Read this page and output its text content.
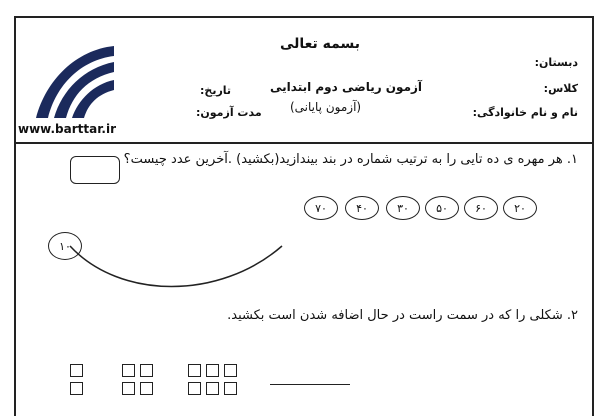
www.barttar.ir
بسمه تعالی
دبستان:
کلاس:
نام و نام خانوادگی:
تاریخ:
مدت آزمون:
آزمون ریاضی دوم ابتدایی
(آزمون پایانی)
۱. هر مهره ی ده تایی را به ترتیب شماره در بند بیندازید(بکشید) .آخرین عدد چیست؟
۲۰
۶۰
۵۰
۳۰
۴۰
۷۰
۱۰
۲. شکلی را که در سمت راست در حال اضافه شدن است بکشید.
